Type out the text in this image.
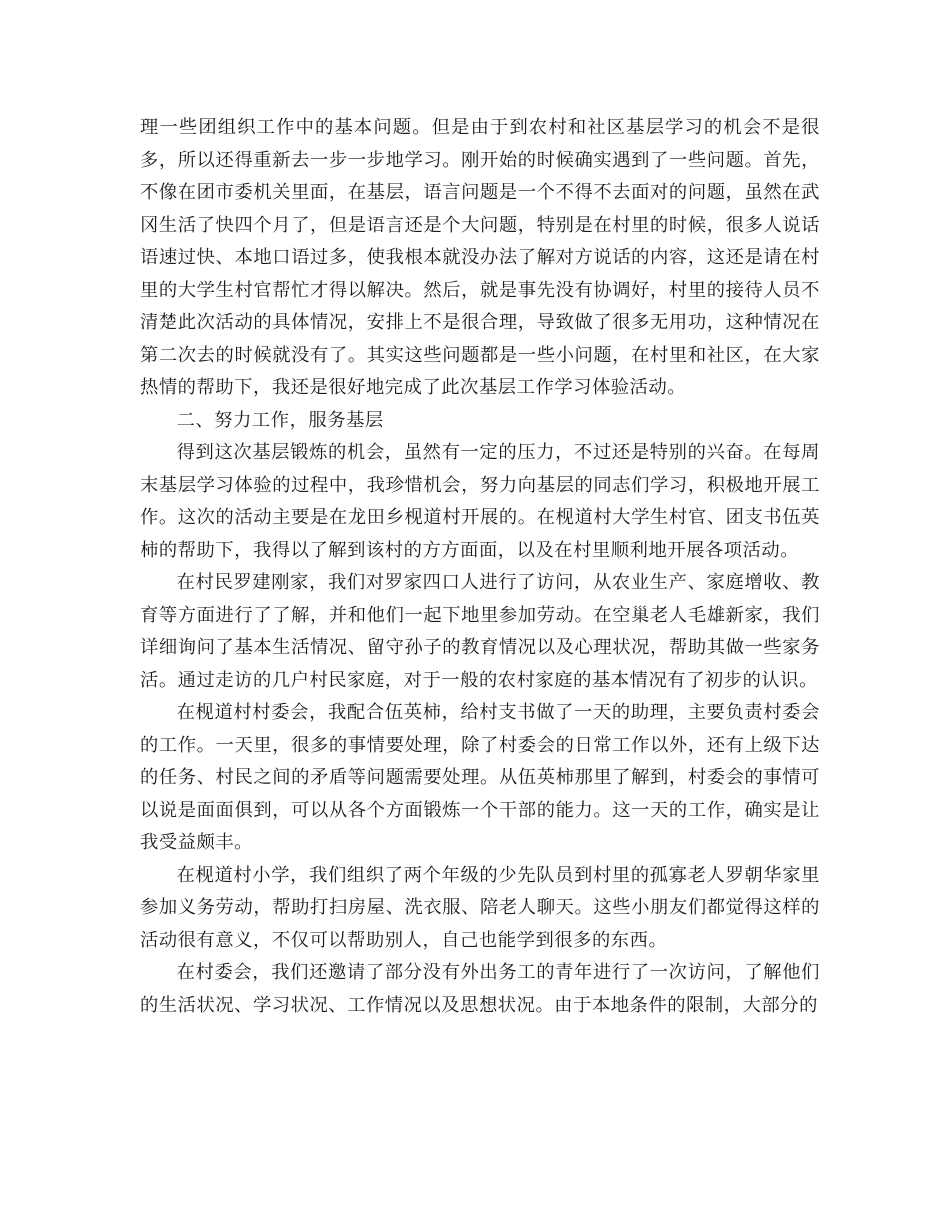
理一些团组织工作中的基本问题。但是由于到农村和社区基层学习的机会不是很多，所以还得重新去一步一步地学习。刚开始的时候确实遇到了一些问题。首先，不像在团市委机关里面，在基层，语言问题是一个不得不去面对的问题，虽然在武冈生活了快四个月了，但是语言还是个大问题，特别是在村里的时候，很多人说话语速过快、本地口语过多，使我根本就没办法了解对方说话的内容，这还是请在村里的大学生村官帮忙才得以解决。然后，就是事先没有协调好，村里的接待人员不清楚此次活动的具体情况，安排上不是很合理，导致做了很多无用功，这种情况在第二次去的时候就没有了。其实这些问题都是一些小问题，在村里和社区，在大家热情的帮助下，我还是很好地完成了此次基层工作学习体验活动。

二、努力工作，服务基层

得到这次基层锻炼的机会，虽然有一定的压力，不过还是特别的兴奋。在每周末基层学习体验的过程中，我珍惜机会，努力向基层的同志们学习，积极地开展工作。这次的活动主要是在龙田乡枧道村开展的。在枧道村大学生村官、团支书伍英柿的帮助下，我得以了解到该村的方方面面，以及在村里顺利地开展各项活动。

在村民罗建刚家，我们对罗家四口人进行了访问，从农业生产、家庭增收、教育等方面进行了了解，并和他们一起下地里参加劳动。在空巢老人毛雄新家，我们详细询问了基本生活情况、留守孙子的教育情况以及心理状况，帮助其做一些家务活。通过走访的几户村民家庭，对于一般的农村家庭的基本情况有了初步的认识。

在枧道村村委会，我配合伍英柿，给村支书做了一天的助理，主要负责村委会的工作。一天里，很多的事情要处理，除了村委会的日常工作以外，还有上级下达的任务、村民之间的矛盾等问题需要处理。从伍英柿那里了解到，村委会的事情可以说是面面俱到，可以从各个方面锻炼一个干部的能力。这一天的工作，确实是让我受益颇丰。

在枧道村小学，我们组织了两个年级的少先队员到村里的孤寡老人罗朝华家里参加义务劳动，帮助打扫房屋、洗衣服、陪老人聊天。这些小朋友们都觉得这样的活动很有意义，不仅可以帮助别人，自己也能学到很多的东西。

在村委会，我们还邀请了部分没有外出务工的青年进行了一次访问，了解他们的生活状况、学习状况、工作情况以及思想状况。由于本地条件的限制，大部分的
